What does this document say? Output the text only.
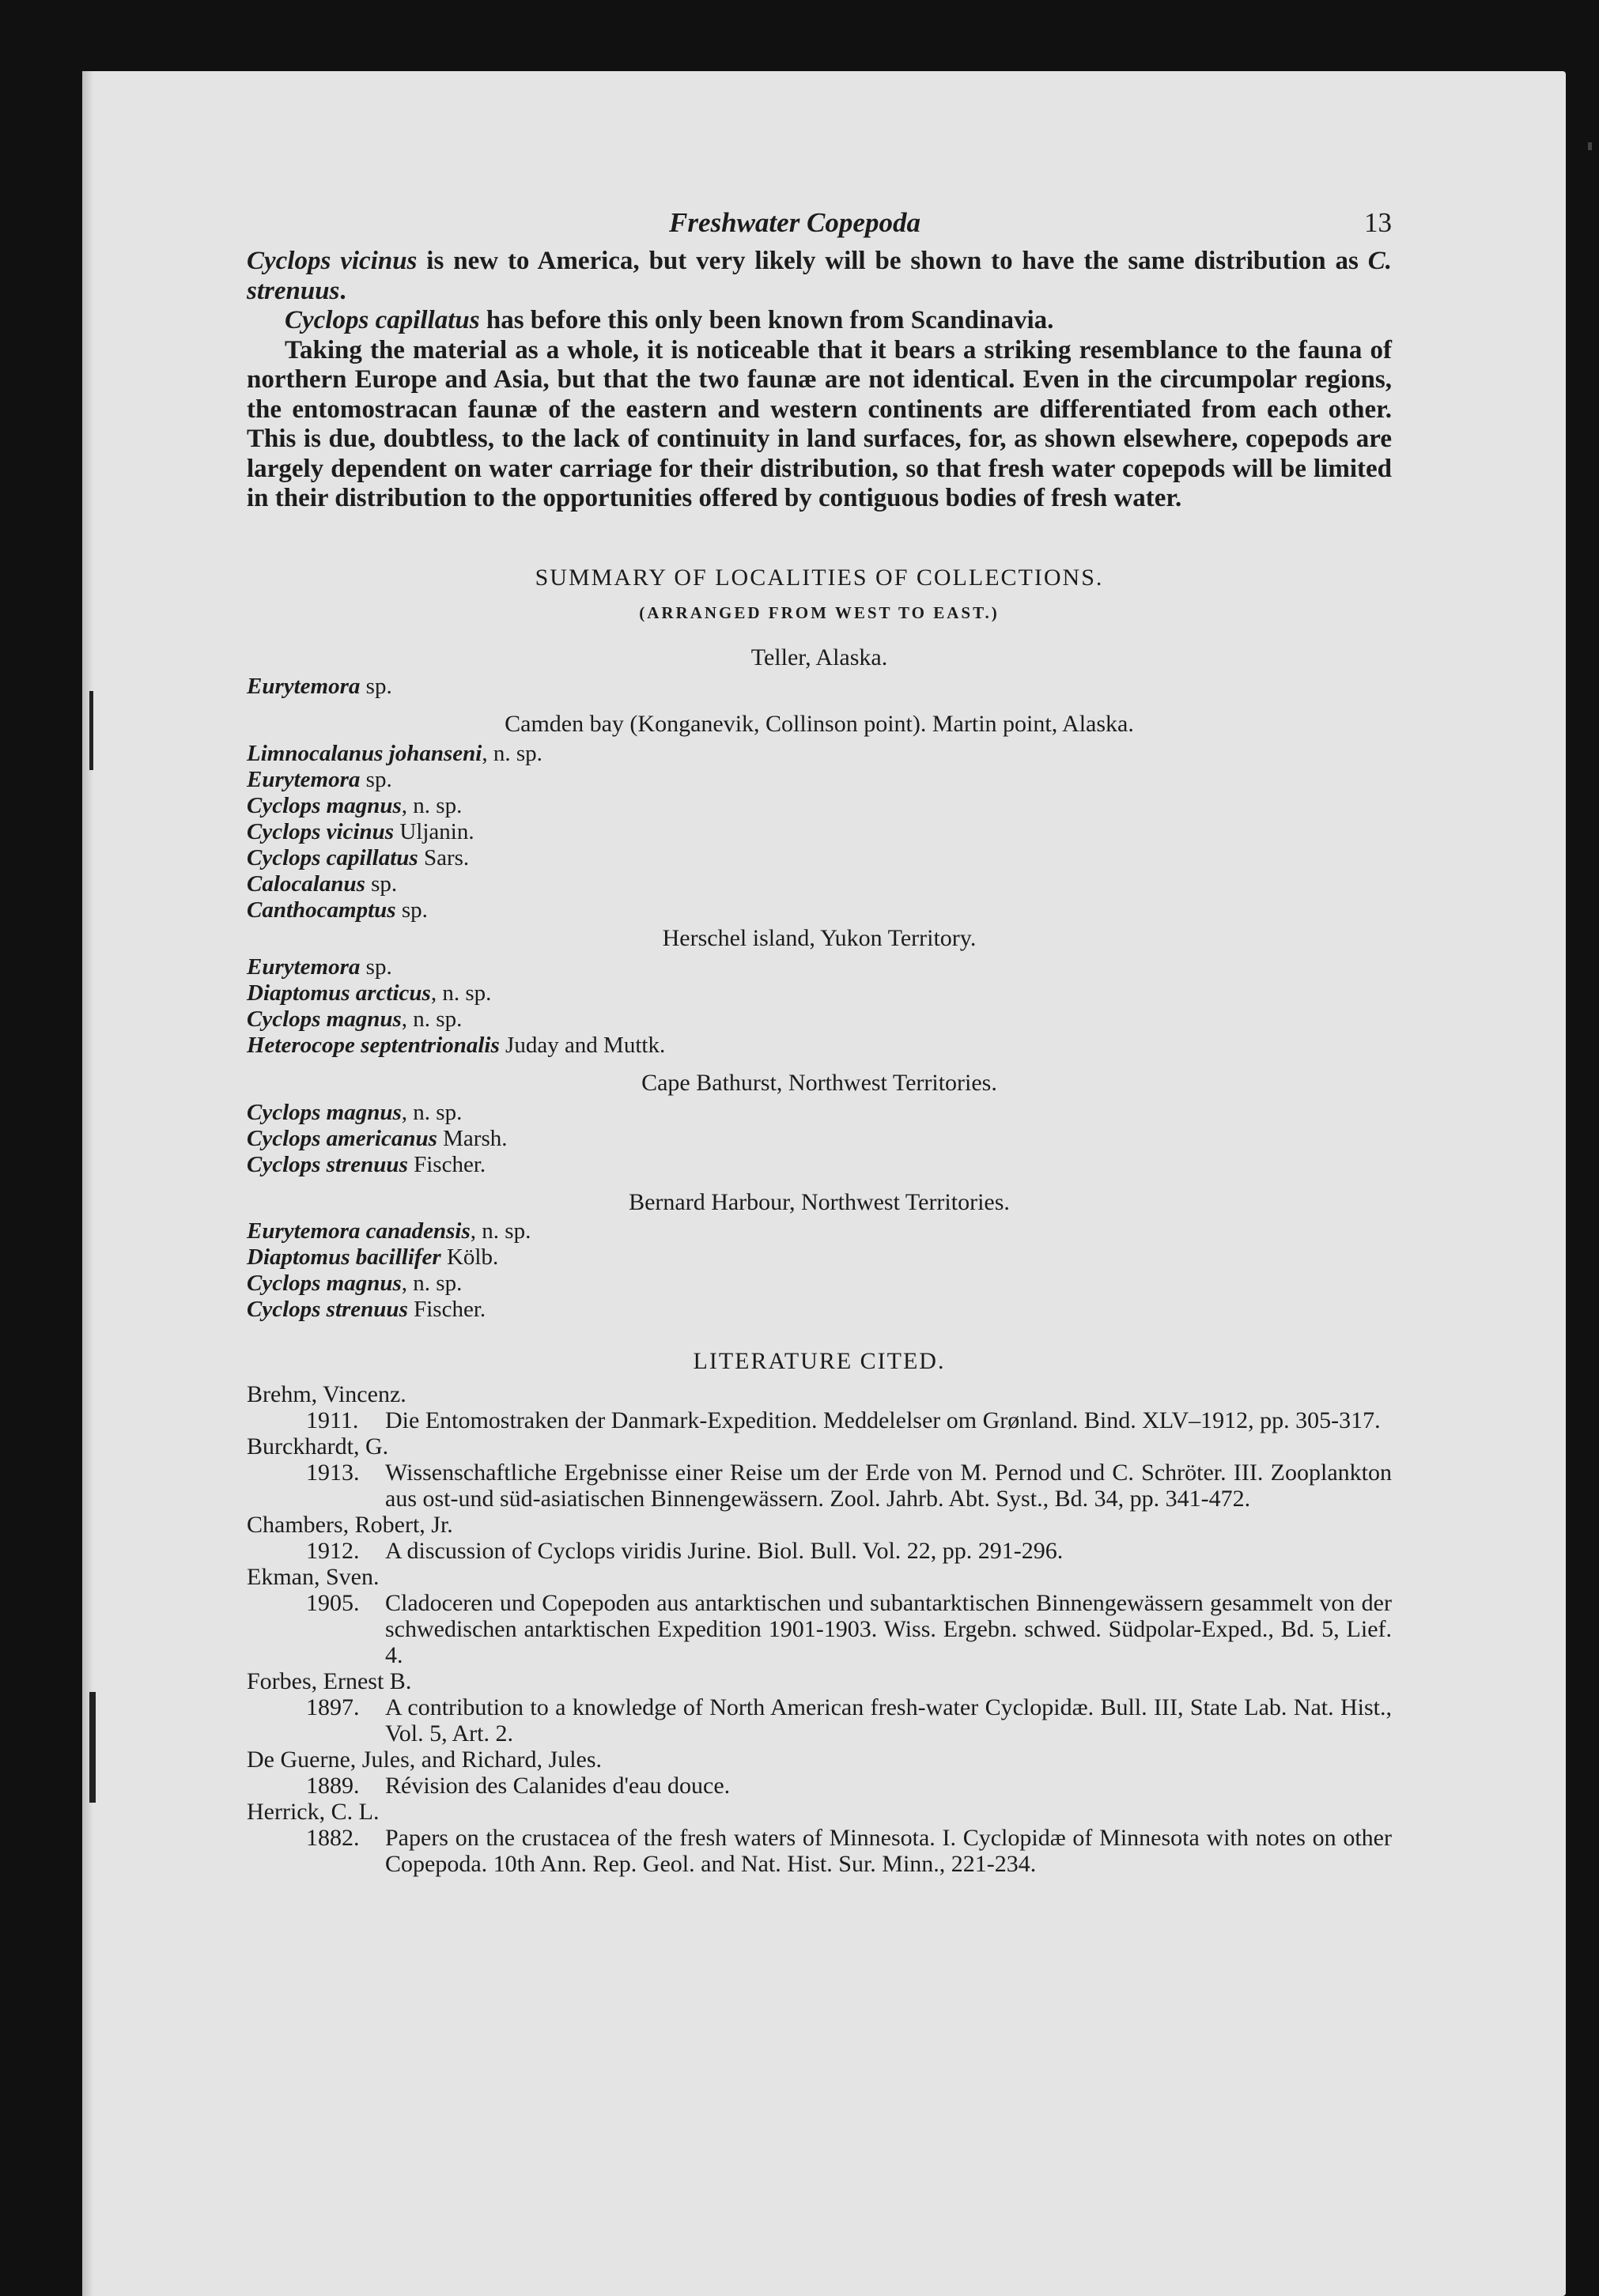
Freshwater Copepoda	13

Cyclops vicinus is new to America, but very likely will be shown to have the same distribution as C. strenuus.

Cyclops capillatus has before this only been known from Scandinavia.

Taking the material as a whole, it is noticeable that it bears a striking resemblance to the fauna of northern Europe and Asia, but that the two faunæ are not identical. Even in the circumpolar regions, the entomostracan faunæ of the eastern and western continents are differentiated from each other. This is due, doubtless, to the lack of continuity in land surfaces, for, as shown elsewhere, copepods are largely dependent on water carriage for their distribution, so that fresh water copepods will be limited in their distribution to the opportunities offered by contiguous bodies of fresh water.

SUMMARY OF LOCALITIES OF COLLECTIONS.

(ARRANGED FROM WEST TO EAST.)

Teller, Alaska.

Eurytemora sp.

Camden bay (Konganevik, Collinson point). Martin point, Alaska.

Limnocalanus johanseni, n. sp.

Eurytemora sp.

Cyclops magnus, n. sp.

Cyclops vicinus Uljanin.

Cyclops capillatus Sars.

Calocalanus sp.

Canthocamptus sp.

Herschel island, Yukon Territory.

Eurytemora sp.

Diaptomus arcticus, n. sp.

Cyclops magnus, n. sp.

Heterocope septentrionalis Juday and Muttk.

Cape Bathurst, Northwest Territories.

Cyclops magnus, n. sp.

Cyclops americanus Marsh.

Cyclops strenuus Fischer.

Bernard Harbour, Northwest Territories.

Eurytemora canadensis, n. sp.

Diaptomus bacillifer Kölb.

Cyclops magnus, n. sp.

Cyclops strenuus Fischer.

LITERATURE CITED.

Brehm, Vincenz.

1911. Die Entomostraken der Danmark-Expedition. Meddelelser om Grønland. Bind. XLV–1912, pp. 305-317.

Burckhardt, G.

1913. Wissenschaftliche Ergebnisse einer Reise um der Erde von M. Pernod und C. Schröter. III. Zooplankton aus ost-und süd-asiatischen Binnengewässern. Zool. Jahrb. Abt. Syst., Bd. 34, pp. 341-472.

Chambers, Robert, Jr.

1912. A discussion of Cyclops viridis Jurine. Biol. Bull. Vol. 22, pp. 291-296.

Ekman, Sven.

1905. Cladoceren und Copepoden aus antarktischen und subantarktischen Binnengewässern gesammelt von der schwedischen antarktischen Expedition 1901-1903. Wiss. Ergebn. schwed. Südpolar-Exped., Bd. 5, Lief. 4.

Forbes, Ernest B.

1897. A contribution to a knowledge of North American fresh-water Cyclopidæ. Bull. III, State Lab. Nat. Hist., Vol. 5, Art. 2.

De Guerne, Jules, and Richard, Jules.

1889. Révision des Calanides d'eau douce.

Herrick, C. L.

1882. Papers on the crustacea of the fresh waters of Minnesota. I. Cyclopidæ of Minnesota with notes on other Copepoda. 10th Ann. Rep. Geol. and Nat. Hist. Sur. Minn., 221-234.
